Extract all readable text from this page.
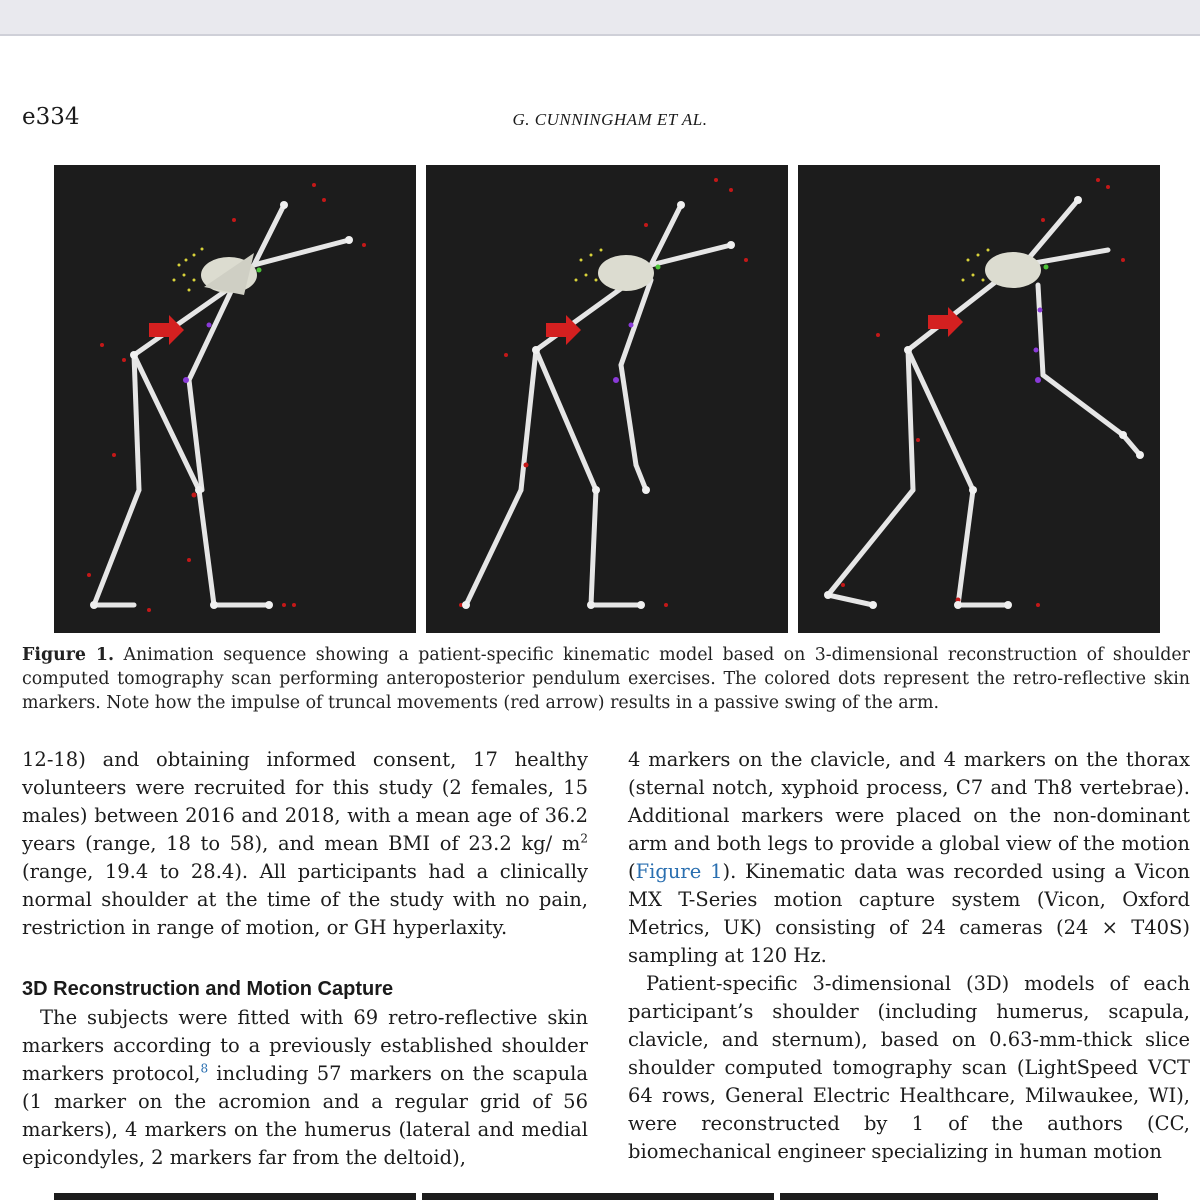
e334	G. CUNNINGHAM ET AL.
Figure 1. Animation sequence showing a patient-specific kinematic model based on 3-dimensional reconstruction of shoulder computed tomography scan performing anteroposterior pendulum exercises. The colored dots represent the retro-reflective skin markers. Note how the impulse of truncal movements (red arrow) results in a passive swing of the arm.

12-18) and obtaining informed consent, 17 healthy volunteers were recruited for this study (2 females, 15 males) between 2016 and 2018, with a mean age of 36.2 years (range, 18 to 58), and mean BMI of 23.2 kg/ $m^2$ (range, 19.4 to 28.4). All participants had a clinically normal shoulder at the time of the study with no pain, restriction in range of motion, or GH hyperlaxity.

3D Reconstruction and Motion Capture

The subjects were fitted with 69 retro-reflective skin markers according to a previously established shoulder markers protocol,$^8$ including 57 markers on the scapula (1 marker on the acromion and a regular grid of 56 markers), 4 markers on the humerus (lateral and medial epicondyles, 2 markers far from the deltoid),

4 markers on the clavicle, and 4 markers on the thorax (sternal notch, xyphoid process, C7 and Th8 vertebrae). Additional markers were placed on the non-dominant arm and both legs to provide a global view of the motion (Figure 1). Kinematic data was recorded using a Vicon MX T-Series motion capture system (Vicon, Oxford Metrics, UK) consisting of 24 cameras (24 × T40S) sampling at 120 Hz.

Patient-specific 3-dimensional (3D) models of each participant’s shoulder (including humerus, scapula, clavicle, and sternum), based on 0.63-mm-thick slice shoulder computed tomography scan (LightSpeed VCT 64 rows, General Electric Healthcare, Milwaukee, WI), were reconstructed by 1 of the authors (CC, biomechanical engineer specializing in human motion
